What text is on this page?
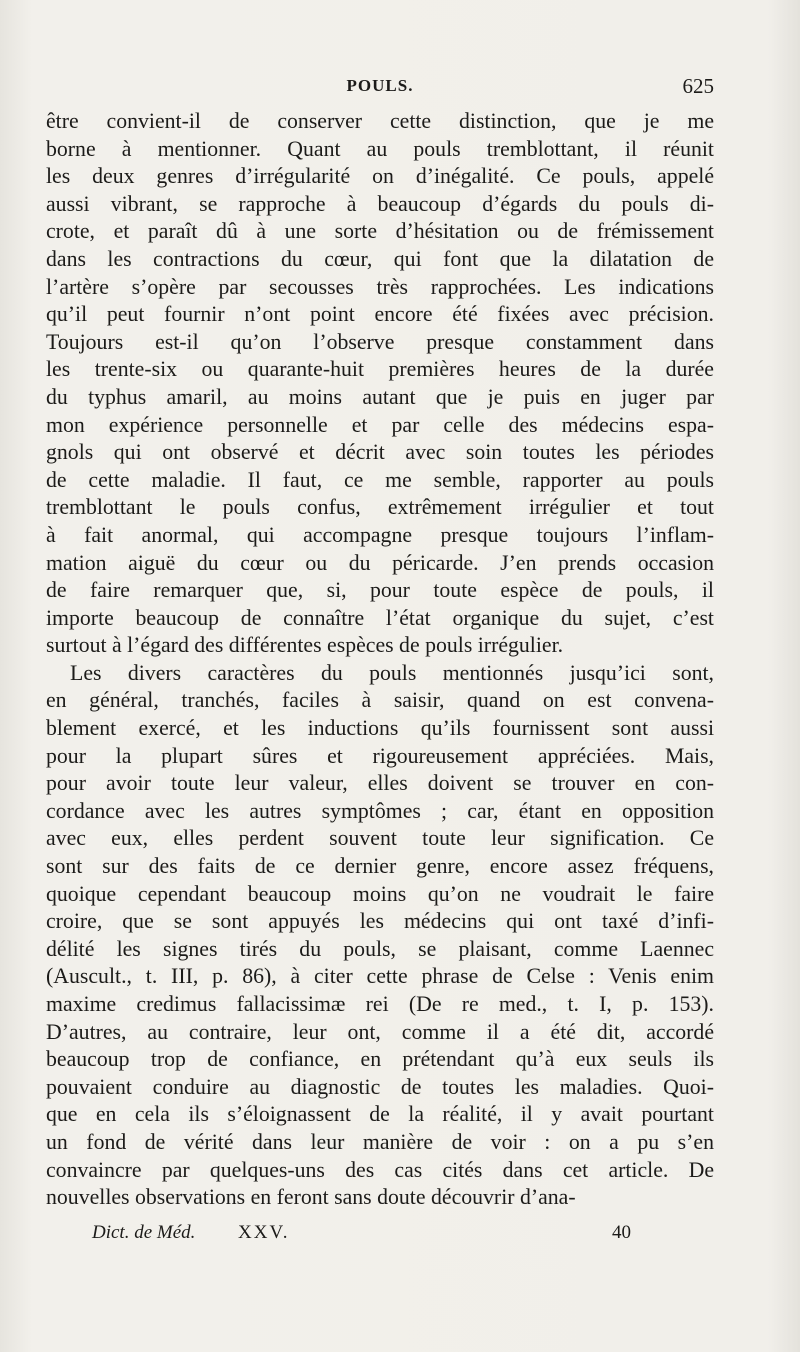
POULS.	625
être convient-il de conserver cette distinction, que je me
borne à mentionner. Quant au pouls tremblottant, il réunit
les deux genres d’irrégularité on d’inégalité. Ce pouls, appelé
aussi vibrant, se rapproche à beaucoup d’égards du pouls di-
crote, et paraît dû à une sorte d’hésitation ou de frémissement
dans les contractions du cœur, qui font que la dilatation de
l’artère s’opère par secousses très rapprochées. Les indications
qu’il peut fournir n’ont point encore été fixées avec précision.
Toujours est-il qu’on l’observe presque constamment dans
les trente-six ou quarante-huit premières heures de la durée
du typhus amaril, au moins autant que je puis en juger par
mon expérience personnelle et par celle des médecins espa-
gnols qui ont observé et décrit avec soin toutes les périodes
de cette maladie. Il faut, ce me semble, rapporter au pouls
tremblottant le pouls confus, extrêmement irrégulier et tout
à fait anormal, qui accompagne presque toujours l’inflam-
mation aiguë du cœur ou du péricarde. J’en prends occasion
de faire remarquer que, si, pour toute espèce de pouls, il
importe beaucoup de connaître l’état organique du sujet, c’est
surtout à l’égard des différentes espèces de pouls irrégulier.
Les divers caractères du pouls mentionnés jusqu’ici sont,
en général, tranchés, faciles à saisir, quand on est convena-
blement exercé, et les inductions qu’ils fournissent sont aussi
pour la plupart sûres et rigoureusement appréciées. Mais,
pour avoir toute leur valeur, elles doivent se trouver en con-
cordance avec les autres symptômes ; car, étant en opposition
avec eux, elles perdent souvent toute leur signification. Ce
sont sur des faits de ce dernier genre, encore assez fréquens,
quoique cependant beaucoup moins qu’on ne voudrait le faire
croire, que se sont appuyés les médecins qui ont taxé d’infi-
délité les signes tirés du pouls, se plaisant, comme Laennec
(Auscult., t. III, p. 86), à citer cette phrase de Celse : Venis enim
maxime credimus fallacissimæ rei (De re med., t. I, p. 153).
D’autres, au contraire, leur ont, comme il a été dit, accordé
beaucoup trop de confiance, en prétendant qu’à eux seuls ils
pouvaient conduire au diagnostic de toutes les maladies. Quoi-
que en cela ils s’éloignassent de la réalité, il y avait pourtant
un fond de vérité dans leur manière de voir : on a pu s’en
convaincre par quelques-uns des cas cités dans cet article. De
nouvelles observations en feront sans doute découvrir d’ana-
Dict. de Méd. XXV.	40
